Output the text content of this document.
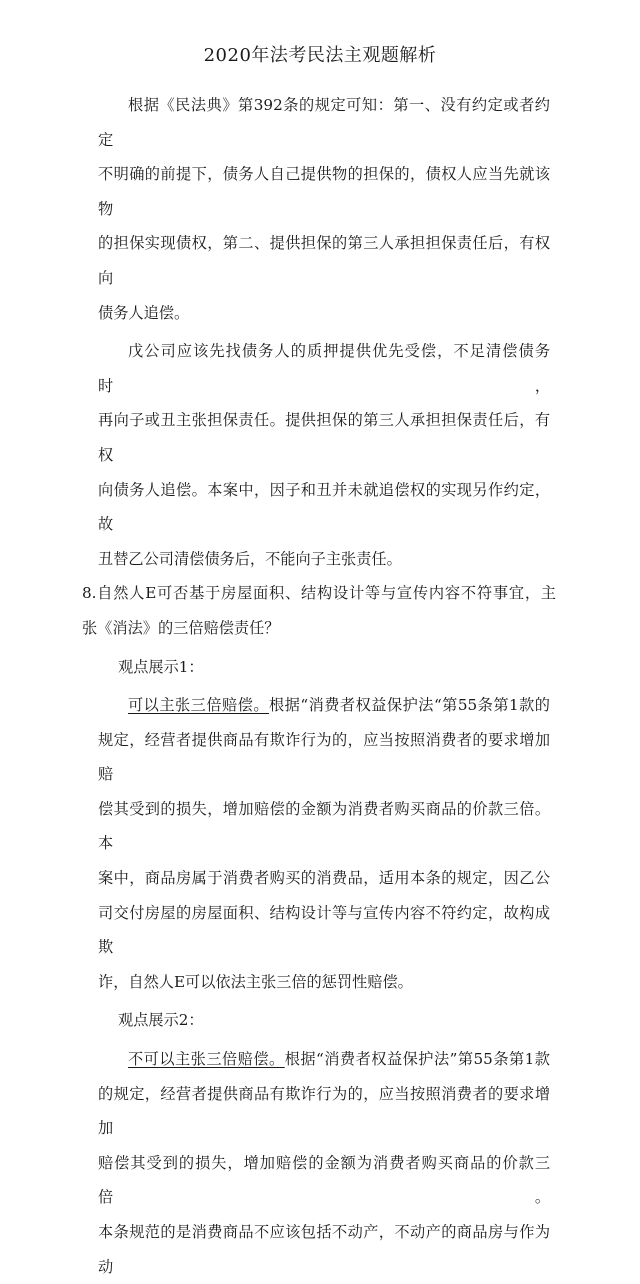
2020年法考民法主观题解析

根据《民法典》第392条的规定可知：第一、没有约定或者约定

不明确的前提下，债务人自己提供物的担保的，债权人应当先就该物

的担保实现债权，第二、提供担保的第三人承担担保责任后，有权向

债务人追偿。

戊公司应该先找债务人的质押提供优先受偿，不足清偿债务时，

再向子或丑主张担保责任。提供担保的第三人承担担保责任后，有权

向债务人追偿。本案中，因子和丑并未就追偿权的实现另作约定，故

丑替乙公司清偿债务后，不能向子主张责任。

8.自然人E可否基于房屋面积、结构设计等与宣传内容不符事宜，主

张《消法》的三倍赔偿责任？

观点展示1：

可以主张三倍赔偿。根据“消费者权益保护法“第55条第1款的

规定，经营者提供商品有欺诈行为的，应当按照消费者的要求增加赔

偿其受到的损失，增加赔偿的金额为消费者购买商品的价款三倍。本

案中，商品房属于消费者购买的消费品，适用本条的规定，因乙公

司交付房屋的房屋面积、结构设计等与宣传内容不符约定，故构成欺

诈，自然人E可以依法主张三倍的惩罚性赔偿。

观点展示2：

不可以主张三倍赔偿。根据“消费者权益保护法”第55条第1款

的规定，经营者提供商品有欺诈行为的，应当按照消费者的要求增加

赔偿其受到的损失，增加赔偿的金额为消费者购买商品的价款三倍。

本条规范的是消费商品不应该包括不动产，不动产的商品房与作为动
